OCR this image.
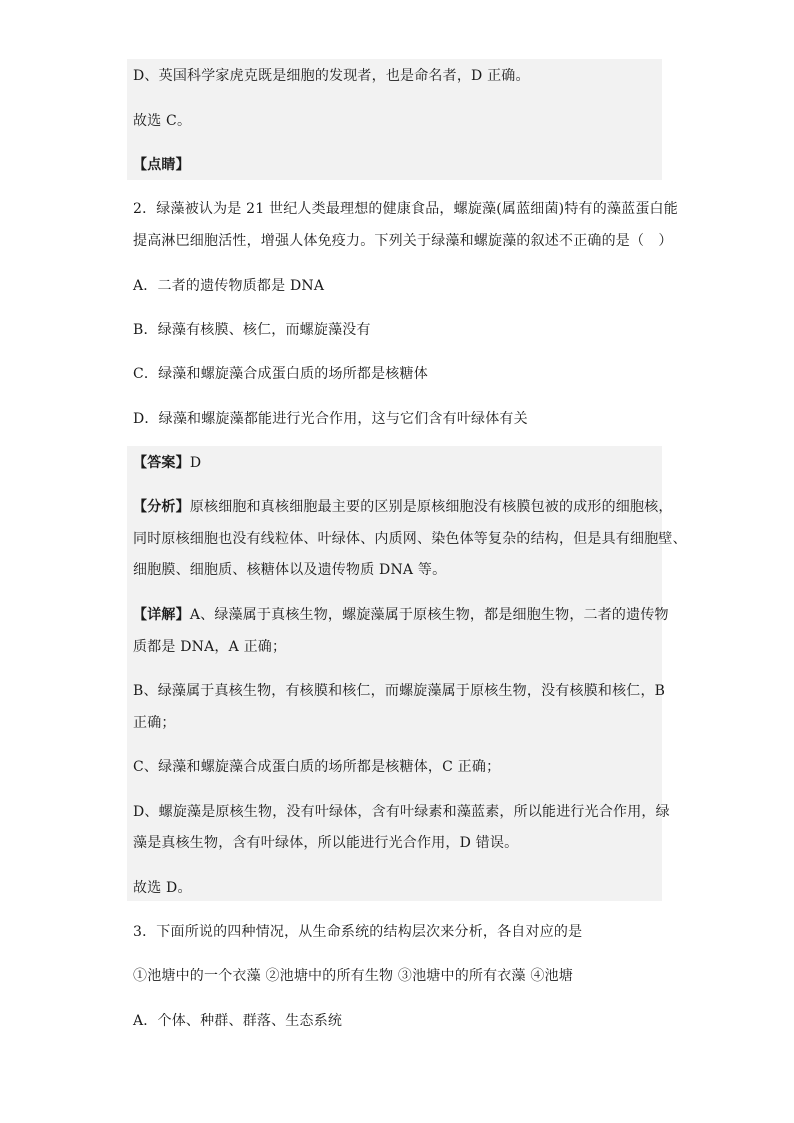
D、英国科学家虎克既是细胞的发现者，也是命名者，D 正确。
故选 C。
【点睛】
2．绿藻被认为是 21 世纪人类最理想的健康食品，螺旋藻(属蓝细菌)特有的藻蓝蛋白能
提高淋巴细胞活性，增强人体免疫力。下列关于绿藻和螺旋藻的叙述不正确的是（　）
A．二者的遗传物质都是 DNA
B．绿藻有核膜、核仁，而螺旋藻没有
C．绿藻和螺旋藻合成蛋白质的场所都是核糖体
D．绿藻和螺旋藻都能进行光合作用，这与它们含有叶绿体有关
【答案】D
【分析】原核细胞和真核细胞最主要的区别是原核细胞没有核膜包被的成形的细胞核，
同时原核细胞也没有线粒体、叶绿体、内质网、染色体等复杂的结构，但是具有细胞壁、
细胞膜、细胞质、核糖体以及遗传物质 DNA 等。
【详解】A、绿藻属于真核生物，螺旋藻属于原核生物，都是细胞生物，二者的遗传物
质都是 DNA，A 正确；
B、绿藻属于真核生物，有核膜和核仁，而螺旋藻属于原核生物，没有核膜和核仁，B
正确；
C、绿藻和螺旋藻合成蛋白质的场所都是核糖体，C 正确；
D、螺旋藻是原核生物，没有叶绿体，含有叶绿素和藻蓝素，所以能进行光合作用，绿
藻是真核生物，含有叶绿体，所以能进行光合作用，D 错误。
故选 D。
3．下面所说的四种情况，从生命系统的结构层次来分析，各自对应的是
①池塘中的一个衣藻 ②池塘中的所有生物 ③池塘中的所有衣藻 ④池塘
A．个体、种群、群落、生态系统
